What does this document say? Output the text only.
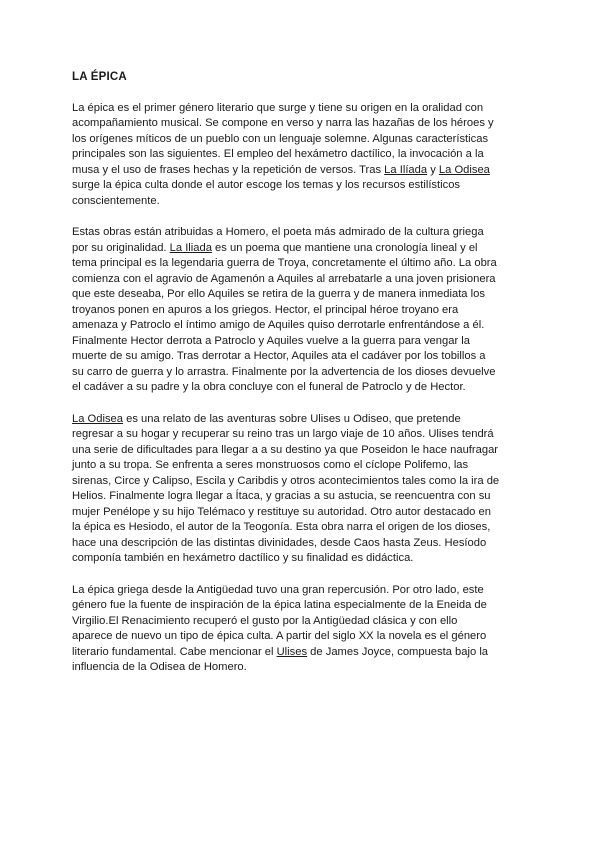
LA ÉPICA

La épica es el primer género literario que surge y tiene su origen en la oralidad con acompañamiento musical. Se compone en verso y narra las hazañas de los héroes y los orígenes míticos de un pueblo con un lenguaje solemne. Algunas características principales son las siguientes. El empleo del hexámetro dactílico, la invocación a la musa y el uso de frases hechas y la repetición de versos. Tras La Ilíada y La Odisea surge la épica culta donde el autor escoge los temas y los recursos estilísticos conscientemente.

Estas obras están atribuidas a Homero, el poeta más admirado de la cultura griega por su originalidad. La Iliada es un poema que mantiene una cronología lineal y el tema principal es la legendaria guerra de Troya, concretamente el último año. La obra comienza con el agravio de Agamenón a Aquiles al arrebatarle a una joven prisionera que este deseaba, Por ello Aquiles se retira de la guerra y de manera inmediata los troyanos ponen en apuros a los griegos. Hector, el principal héroe troyano era amenaza y Patroclo el íntimo amigo de Aquiles quiso derrotarle enfrentándose a él. Finalmente Hector derrota a Patroclo y Aquiles vuelve a la guerra para vengar la muerte de su amigo. Tras derrotar a Hector, Aquiles ata el cadáver por los tobillos a su carro de guerra y lo arrastra. Finalmente por la advertencia de los dioses devuelve el cadáver a su padre y la obra concluye con el funeral de Patroclo y de Hector.

La Odisea es una relato de las aventuras sobre Ulises u Odiseo, que pretende regresar a su hogar y recuperar su reino tras un largo viaje de 10 años. Ulises tendrá una serie de dificultades para llegar a a su destino ya que Poseidon le hace naufragar junto a su tropa. Se enfrenta a seres monstruosos como el cíclope Polifemo, las sirenas, Circe y Calipso, Escila y Caribdis y otros acontecimientos tales como la ira de Helios. Finalmente logra llegar a Ítaca, y gracias a su astucia, se reencuentra con su mujer Penélope y su hijo Telémaco y restituye su autoridad. Otro autor destacado en la épica es Hesiodo, el autor de la Teogonía. Esta obra narra el origen de los dioses, hace una descripción de las distintas divinidades, desde Caos hasta Zeus. Hesíodo componía también en hexámetro dactílico y su finalidad es didáctica.

La épica griega desde la Antigüedad tuvo una gran repercusión. Por otro lado, este género fue la fuente de inspiración de la épica latina especialmente de la Eneida de Virgilio.El Renacimiento recuperó el gusto por la Antigüedad clásica y con ello aparece de nuevo un tipo de épica culta. A partir del siglo XX la novela es el género literario fundamental. Cabe mencionar el Ulises de James Joyce, compuesta bajo la influencia de la Odisea de Homero.
